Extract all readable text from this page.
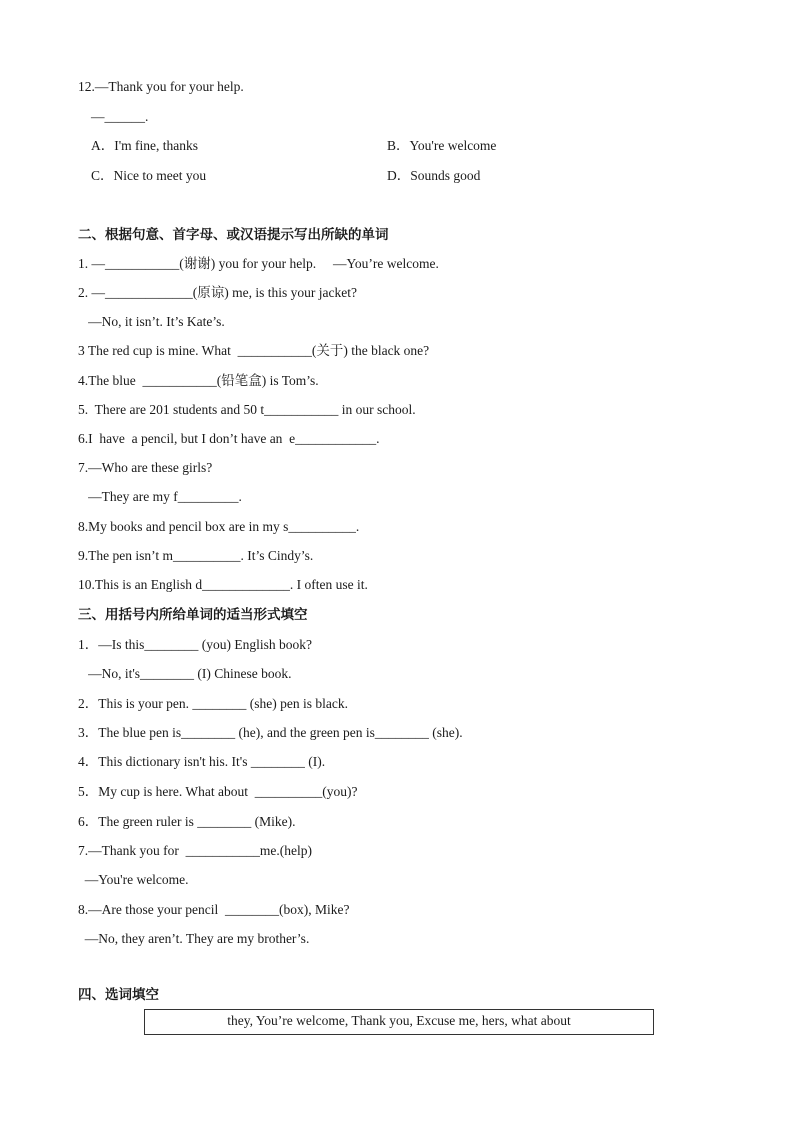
12.—Thank you for your help.
—______.
A．I'm fine, thanks	B．You're welcome
C．Nice to meet you	D．Sounds good
二、根据句意、首字母、或汉语提示写出所缺的单词
1. —___________(谢谢) you for your help.     —You’re welcome.
2. —_____________(原谅) me, is this your jacket?
—No, it isn’t. It’s Kate’s.
3 The red cup is mine. What  ___________(关于) the black one?
4.The blue  ___________(铅笔盒) is Tom’s.
5.  There are 201 students and 50 t___________ in our school.
6.I  have  a pencil, but I don’t have an  e____________.
7.—Who are these girls?
—They are my f_________.
8.My books and pencil box are in my s__________.
9.The pen isn’t m__________. It’s Cindy’s.
10.This is an English d_____________. I often use it.
三、用括号内所给单词的适当形式填空
1．—Is this________ (you) English book?
—No, it's________ (I) Chinese book.
2．This is your pen. ________ (she) pen is black.
3．The blue pen is________ (he), and the green pen is________ (she).
4．This dictionary isn't his. It's ________ (I).
5．My cup is here. What about  __________(you)?
6．The green ruler is ________ (Mike).
7.—Thank you for  ___________me.(help)
—You're welcome.
8.—Are those your pencil  ________(box), Mike?
—No, they aren’t. They are my brother’s.
四、选词填空
they, You’re welcome, Thank you, Excuse me, hers, what about
